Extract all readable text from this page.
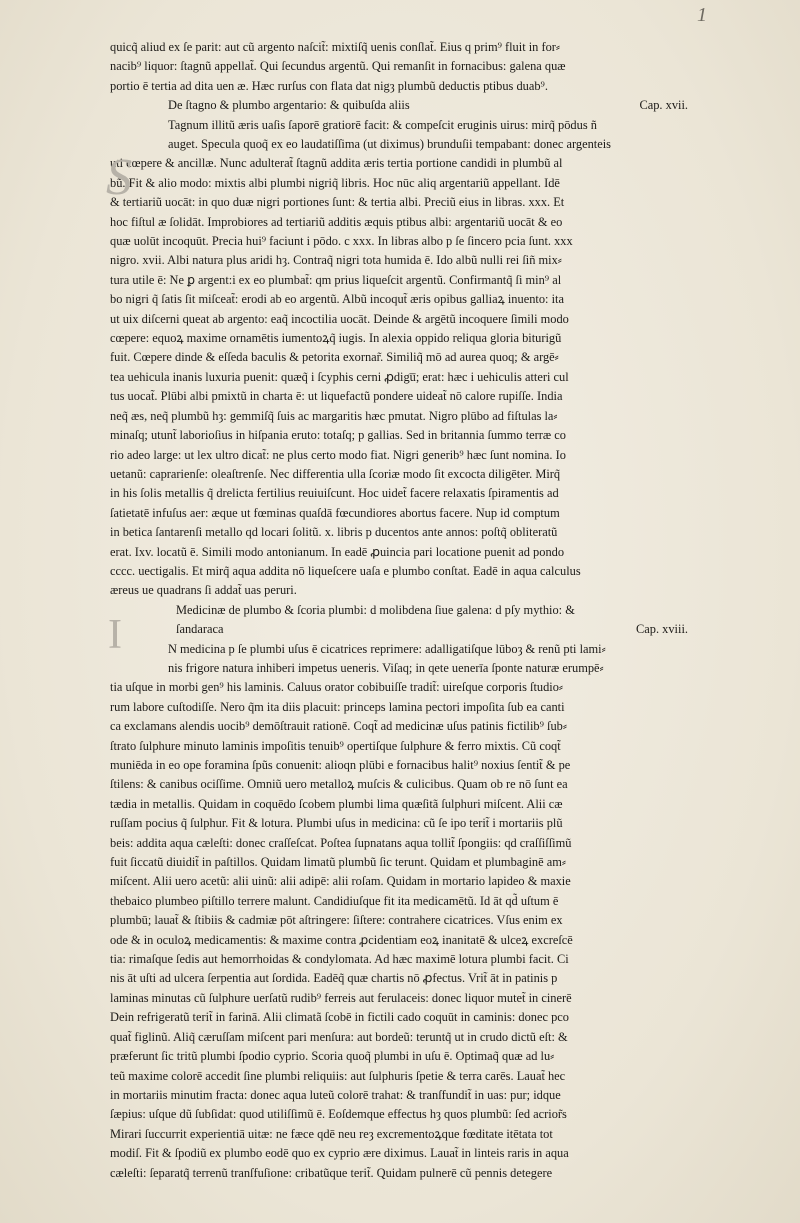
1
S
I
quicq̃ aliud ex ſe parit: aut cũ argento naſcit̃: mixtiſq̃ uenis conſlat̃. Eius q prim⁹ fluit in for⸗
nacib⁹ liquor: ſtagnũ appellat̃. Qui ſecundus argentũ. Qui remanſit in fornacibus: galena quæ
portio ē tertia ad dita uen æ. Hæc rurſus con flata dat nigȝ plumbũ deductis ptibus duab⁹.
De ſtagno & plumbo argentario: & quibuſda aliis	Cap. xvii.
Tagnum illitũ æris uaſis ſaporē gratiorē facit: & compeſcit eruginis uirus: mirq̃ pōdus ñ
auget. Specula quoq̃ ex eo laudatiſſima (ut diximus) brunduſii tempabant: donec argenteis
uti cœpere & ancillæ. Nunc adulterat̃ ſtagnũ addita æris tertia portione candidi in plumbũ al
bũ. Fit & alio modo: mixtis albi plumbi nigriq̃ libris. Hoc nūc aliq argentariũ appellant. Idē
& tertiariũ uocāt: in quo duæ nigri portiones ſunt: & tertia albi. Preciũ eius in libras. xxx. Et
hoc fiſtul æ ſolidāt. Improbiores ad tertiariũ additis æquis ptibus albi: argentariũ uocāt & eo
quæ uolūt incoquūt. Precia hui⁹ faciunt i pōdo. c xxx. In libras albo p ſe ſincero pcia ſunt. xxx
nigro. xvii. Albi natura plus aridi hȝ. Contraq̃ nigri tota humida ē. Ido albũ nulli rei ſiñ mix⸗
tura utile ē: Ne ꝑ argent:i ex eo plumbat̃: qm prius liqueſcit argentũ. Confirmantq̃ ſi min⁹ al
bo nigri q̃ ſatis ſit miſceat̃: erodi ab eo argentũ. Albũ incoqut̃ æris opibus galliaꝝ inuento: ita
ut uix diſcerni queat ab argento: eaq̃ incoctilia uocāt. Deinde & argētũ incoquere ſimili modo
cœpere: equoꝝ maxime ornamētis iumentoꝝq̃ iugis. In alexia oppido reliqua gloria biturigũ
fuit. Cœpere dinde & eſſeda baculis & petorita exornar̃. Similiq̃ mō ad aurea quoq; & argē⸗
tea uehicula inanis luxuria puenit: quæq̃ i ſcyphis cerni ꝓdigu̅; erat: hæc i uehiculis atteri cul
tus uocat̃. Plūbi albi pmixtũ in charta ē: ut liquefactũ pondere uideat̃ nō calore rupiſſe. India
neq̃ æs, neq̃ plumbũ hȝ: gemmiſq̃ ſuis ac margaritis hæc pmutat. Nigro plūbo ad fiſtulas la⸗
minaſq; utunt̃ laborioſius in hiſpania eruto: totaſq; p gallias. Sed in britannia ſummo terræ co
rio adeo large: ut lex ultro dicat̃: ne plus certo modo fiat. Nigri generib⁹ hæc ſunt nomina. Io
uetanũ: caprarienſe: oleaſtrenſe. Nec differentia ulla ſcoriæ modo ſit excocta diligēter. Mirq̃
in his ſolis metallis q̃ drelicta fertilius reuiuiſcunt. Hoc uidet̃ facere relaxatis ſpiramentis ad
ſatietatē infuſus aer: æque ut fœminas quaſdā fœcundiores abortus facere. Nup id comptum
in betica ſantarenſi metallo qd locari ſolitũ. x. libris p ducentos ante annos: poſtq̃ obliteratũ
erat. Ixv. locatũ ē. Simili modo antonianum. In eadē ꝓuincia pari locatione puenit ad pondo
cccc. uectigalis. Et mirq̃ aqua addita nō liqueſcere uaſa e plumbo conſtat. Eadē in aqua calculus
æreus ue quadrans ſi addat̃ uas peruri.
Medicinæ de plumbo & ſcoria plumbi: d molibdena ſiue galena: d pſy mythio: &
ſandaraca	Cap. xviii.
N medicina p ſe plumbi uſus ē cicatrices reprimere: adalligatiſque lūboȝ & renũ pti lami⸗
nis frigore natura inhiberi impetus ueneris. Viſaq; in qete uenerīa ſponte naturæ erumpē⸗
tia uſque in morbi gen⁹ his laminis. Caluus orator cobibuiſſe tradit̃: uireſque corporis ſtudio⸗
rum labore cuſtodiſſe. Nero q̃m ita diis placuit: princeps lamina pectori impoſita ſub ea canti
ca exclamans alendis uocib⁹ demōſtrauit rationē. Coqt̃ ad medicinæ uſus patinis fictilib⁹ ſub⸗
ſtrato ſulphure minuto laminis impoſitis tenuib⁹ opertiſque ſulphure & ferro mixtis. Cũ coqt̃
muniēda in eo ope foramina ſpũs conuenit: alioqn plūbi e fornacibus halit⁹ noxius ſentit̃ & pe
ſtilens: & canibus ociſſime. Omniũ uero metalloꝝ muſcis & culicibus. Quam ob re nō ſunt ea
tædia in metallis. Quidam in coquēdo ſcobem plumbi lima quæſitã ſulphuri miſcent. Alii cæ
ruſſam pocius q̃ ſulphur. Fit & lotura. Plumbi uſus in medicina: cũ ſe ipo terit̃ i mortariis plũ
beis: addita aqua cæleſti: donec craſſeſcat. Poſtea ſupnatans aqua tollit̃ ſpongiis: qd craſſiſſimũ
fuit ſiccatũ diuidit̃ in paſtillos. Quidam limatũ plumbũ ſic terunt. Quidam et plumbaginē am⸗
miſcent. Alii uero acetũ: alii uinũ: alii adipē: alii roſam. Quidam in mortario lapideo & maxie
thebaico plumbeo piſtillo terrere malunt. Candidiuſque fit ita medicamētũ. Id āt qd̃ uſtum ē
plumbū; lauat̃ & ſtibiis & cadmiæ pōt aſtringere: ſiſtere: contrahere cicatrices. Vſus enim ex
ode & in oculoꝝ medicamentis: & maxime contra ꝓcidentiam eoꝝ inanitatē & ulceꝝ excreſcē
tia: rimaſque ſedis aut hemorrhoidas & condylomata. Ad hæc maximē lotura plumbi facit. Ci
nis āt uſti ad ulcera ſerpentia aut ſordida. Eadēq̃ quæ chartis nō ꝓfectus. Vrit̃ āt in patinis p
laminas minutas cũ ſulphure uerſatũ rudib⁹ ferreis aut ferulaceis: donec liquor mutet̃ in cinerē
Dein refrigeratũ terit̃ in farinā. Alii climatã ſcobē in fictili cado coquūt in caminis: donec pco
quat̃ figlinũ. Aliq̃ cæruſſam miſcent pari menſura: aut bordeũ: teruntq̃ ut in crudo dictũ eſt: &
præferunt ſic tritũ plumbi ſpodio cyprio. Scoria quoq̃ plumbi in uſu ē. Optimaq̃ quæ ad lu⸗
teũ maxime colorē accedit ſine plumbi reliquiis: aut ſulphuris ſpetie & terra carēs. Lauat̃ hec
in mortariis minutim fracta: donec aqua luteũ colorē trahat: & tranſfundit̃ in uas: pur; idque
ſæpius: uſque dũ ſubſidat: quod utiliſſimũ ē. Eoſdemque effectus hȝ quos plumbũ: ſed acrior̃s
Mirari ſuccurrit experientiā uitæ: ne fæce qdē neu reȝ excrementoꝝque fœditate itētata tot
modiſ. Fit & ſpodiũ ex plumbo eodē quo ex cyprio ære diximus. Lauat̃ in linteis raris in aqua
cæleſti: ſeparatq̃ terrenũ tranſfuſione: cribatũque terit̃. Quidam pulnerē cũ pennis detegere
